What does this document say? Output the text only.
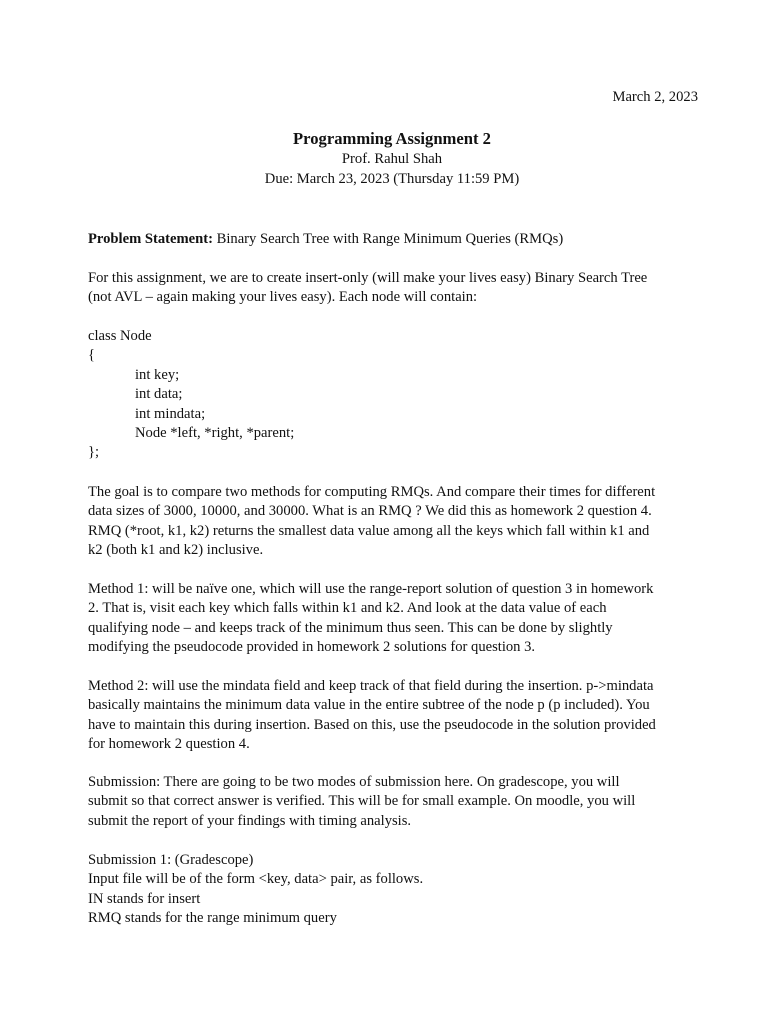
March 2, 2023
Programming Assignment 2
Prof. Rahul Shah
Due: March 23, 2023 (Thursday 11:59 PM)

Problem Statement: Binary Search Tree with Range Minimum Queries (RMQs)

For this assignment, we are to create insert-only (will make your lives easy) Binary Search Tree

(not AVL – again making your lives easy). Each node will contain:

class Node

{

int key;

int data;

int mindata;

Node *left, *right, *parent;

};

The goal is to compare two methods for computing RMQs. And compare their times for different

data sizes of 3000, 10000, and 30000. What is an RMQ ? We did this as homework 2 question 4.

RMQ (*root, k1, k2) returns the smallest data value among all the keys which fall within k1 and

k2 (both k1 and k2) inclusive.

Method 1: will be naïve one, which will use the range-report solution of question 3 in homework

2. That is, visit each key which falls within k1 and k2. And look at the data value of each

qualifying node – and keeps track of the minimum thus seen. This can be done by slightly

modifying the pseudocode provided in homework 2 solutions for question 3.

Method 2: will use the mindata field and keep track of that field during the insertion. p->mindata

basically maintains the minimum data value in the entire subtree of the node p (p included). You

have to maintain this during insertion. Based on this, use the pseudocode in the solution provided

for homework 2 question 4.

Submission: There are going to be two modes of submission here. On gradescope, you will

submit so that correct answer is verified. This will be for small example. On moodle, you will

submit the report of your findings with timing analysis.

Submission 1: (Gradescope)

Input file will be of the form <key, data> pair, as follows.

IN stands for insert

RMQ stands for the range minimum query
